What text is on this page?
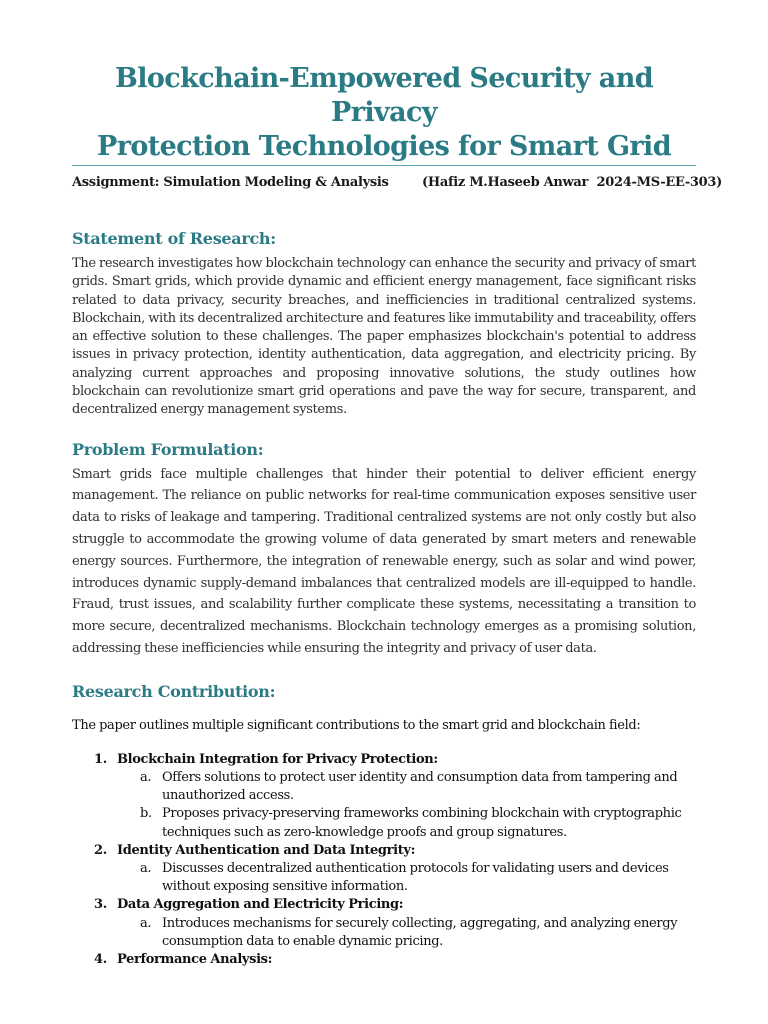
Blockchain-Empowered Security and Privacy
Protection Technologies for Smart Grid
Assignment: Simulation Modeling & Analysis	(Hafiz M.Haseeb Anwar  2024-MS-EE-303)
Statement of Research:

The research investigates how blockchain technology can enhance the security and privacy of smart grids. Smart grids, which provide dynamic and efficient energy management, face significant risks related to data privacy, security breaches, and inefficiencies in traditional centralized systems. Blockchain, with its decentralized architecture and features like immutability and traceability, offers an effective solution to these challenges. The paper emphasizes blockchain's potential to address issues in privacy protection, identity authentication, data aggregation, and electricity pricing. By analyzing current approaches and proposing innovative solutions, the study outlines how blockchain can revolutionize smart grid operations and pave the way for secure, transparent, and decentralized energy management systems.

Problem Formulation:

Smart grids face multiple challenges that hinder their potential to deliver efficient energy management. The reliance on public networks for real-time communication exposes sensitive user data to risks of leakage and tampering. Traditional centralized systems are not only costly but also struggle to accommodate the growing volume of data generated by smart meters and renewable energy sources. Furthermore, the integration of renewable energy, such as solar and wind power, introduces dynamic supply-demand imbalances that centralized models are ill-equipped to handle. Fraud, trust issues, and scalability further complicate these systems, necessitating a transition to more secure, decentralized mechanisms. Blockchain technology emerges as a promising solution, addressing these inefficiencies while ensuring the integrity and privacy of user data.

Research Contribution:

The paper outlines multiple significant contributions to the smart grid and blockchain field:

1. Blockchain Integration for Privacy Protection:
a. Offers solutions to protect user identity and consumption data from tampering and unauthorized access.
b. Proposes privacy-preserving frameworks combining blockchain with cryptographic techniques such as zero-knowledge proofs and group signatures.
2. Identity Authentication and Data Integrity:
a. Discusses decentralized authentication protocols for validating users and devices without exposing sensitive information.
3. Data Aggregation and Electricity Pricing:
a. Introduces mechanisms for securely collecting, aggregating, and analyzing energy consumption data to enable dynamic pricing.
4. Performance Analysis:
